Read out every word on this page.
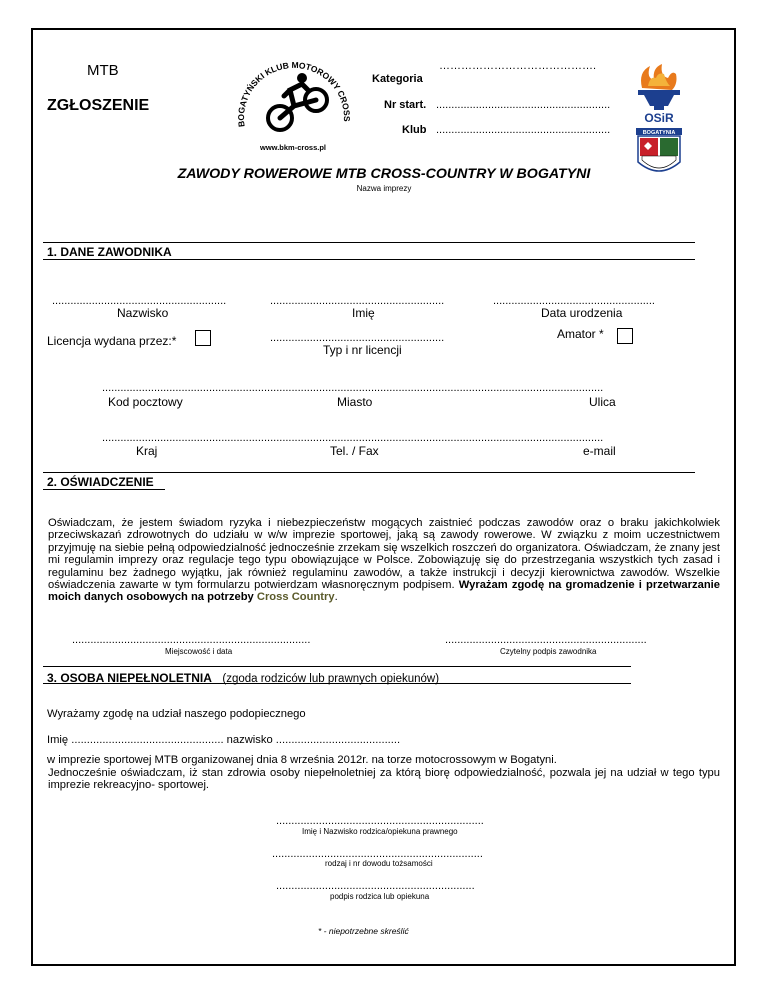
MTB
ZGŁOSZENIE
BOGATYŃSKI KLUB MOTOROWY CROSS
www.bkm-cross.pl
…………………………………….
Kategoria
Nr start. .........................................................
Klub .........................................................
OSiR
BOGATYNIA
ZAWODY ROWEROWE MTB CROSS-COUNTRY W BOGATYNI
Nazwa imprezy
1. DANE ZAWODNIKA
.........................................................
Nazwisko
.........................................................
Imię
.....................................................
Data urodzenia
Licencja wydana przez:*	.........................................................
Typ i nr licencji
Amator *
....................................................................................................................................................................
Kod pocztowy	Miasto	Ulica
....................................................................................................................................................................
Kraj	Tel. / Fax	e-mail
2. OŚWIADCZENIE
Oświadczam, że jestem świadom ryzyka i niebezpieczeństw mogących zaistnieć podczas zawodów oraz o braku jakichkolwiek przeciwskazań zdrowotnych do udziału w w/w imprezie sportowej, jaką są zawody rowerowe. W związku z moim uczestnictwem przyjmuję na siebie pełną odpowiedzialność jednocześnie zrzekam się wszelkich roszczeń do organizatora. Oświadczam, że znany jest mi regulamin imprezy oraz regulacje tego typu obowiązujące w Polsce. Zobowiązuję się do przestrzegania wszystkich tych zasad i regulaminu bez żadnego wyjątku, jak również regulaminu zawodów, a także instrukcji i decyzji kierownictwa zawodów. Wszelkie oświadczenia zawarte w tym formularzu potwierdzam własnoręcznym podpisem. Wyrażam zgodę na gromadzenie i przetwarzanie moich danych osobowych na potrzeby Cross Country.
..............................................................................
Miejscowość i data
..................................................................
Czytelny podpis zawodnika
3. OSOBA NIEPEŁNOLETNIA (zgoda rodziców lub prawnych opiekunów)
Wyrażamy zgodę na udział naszego podopiecznego
Imię ................................................. nazwisko ........................................
w imprezie sportowej MTB organizowanej dnia 8 września 2012r. na torze motocrossowym w Bogatyni.
Jednocześnie oświadczam, iż stan zdrowia osoby niepełnoletniej za którą biorę odpowiedzialność, pozwala jej na udział w tego typu imprezie rekreacyjno- sportowej.
....................................................................
Imię i Nazwisko rodzica/opiekuna prawnego
.....................................................................
rodzaj i nr dowodu tożsamości
.................................................................
podpis rodzica lub opiekuna
* - niepotrzebne skreślić
